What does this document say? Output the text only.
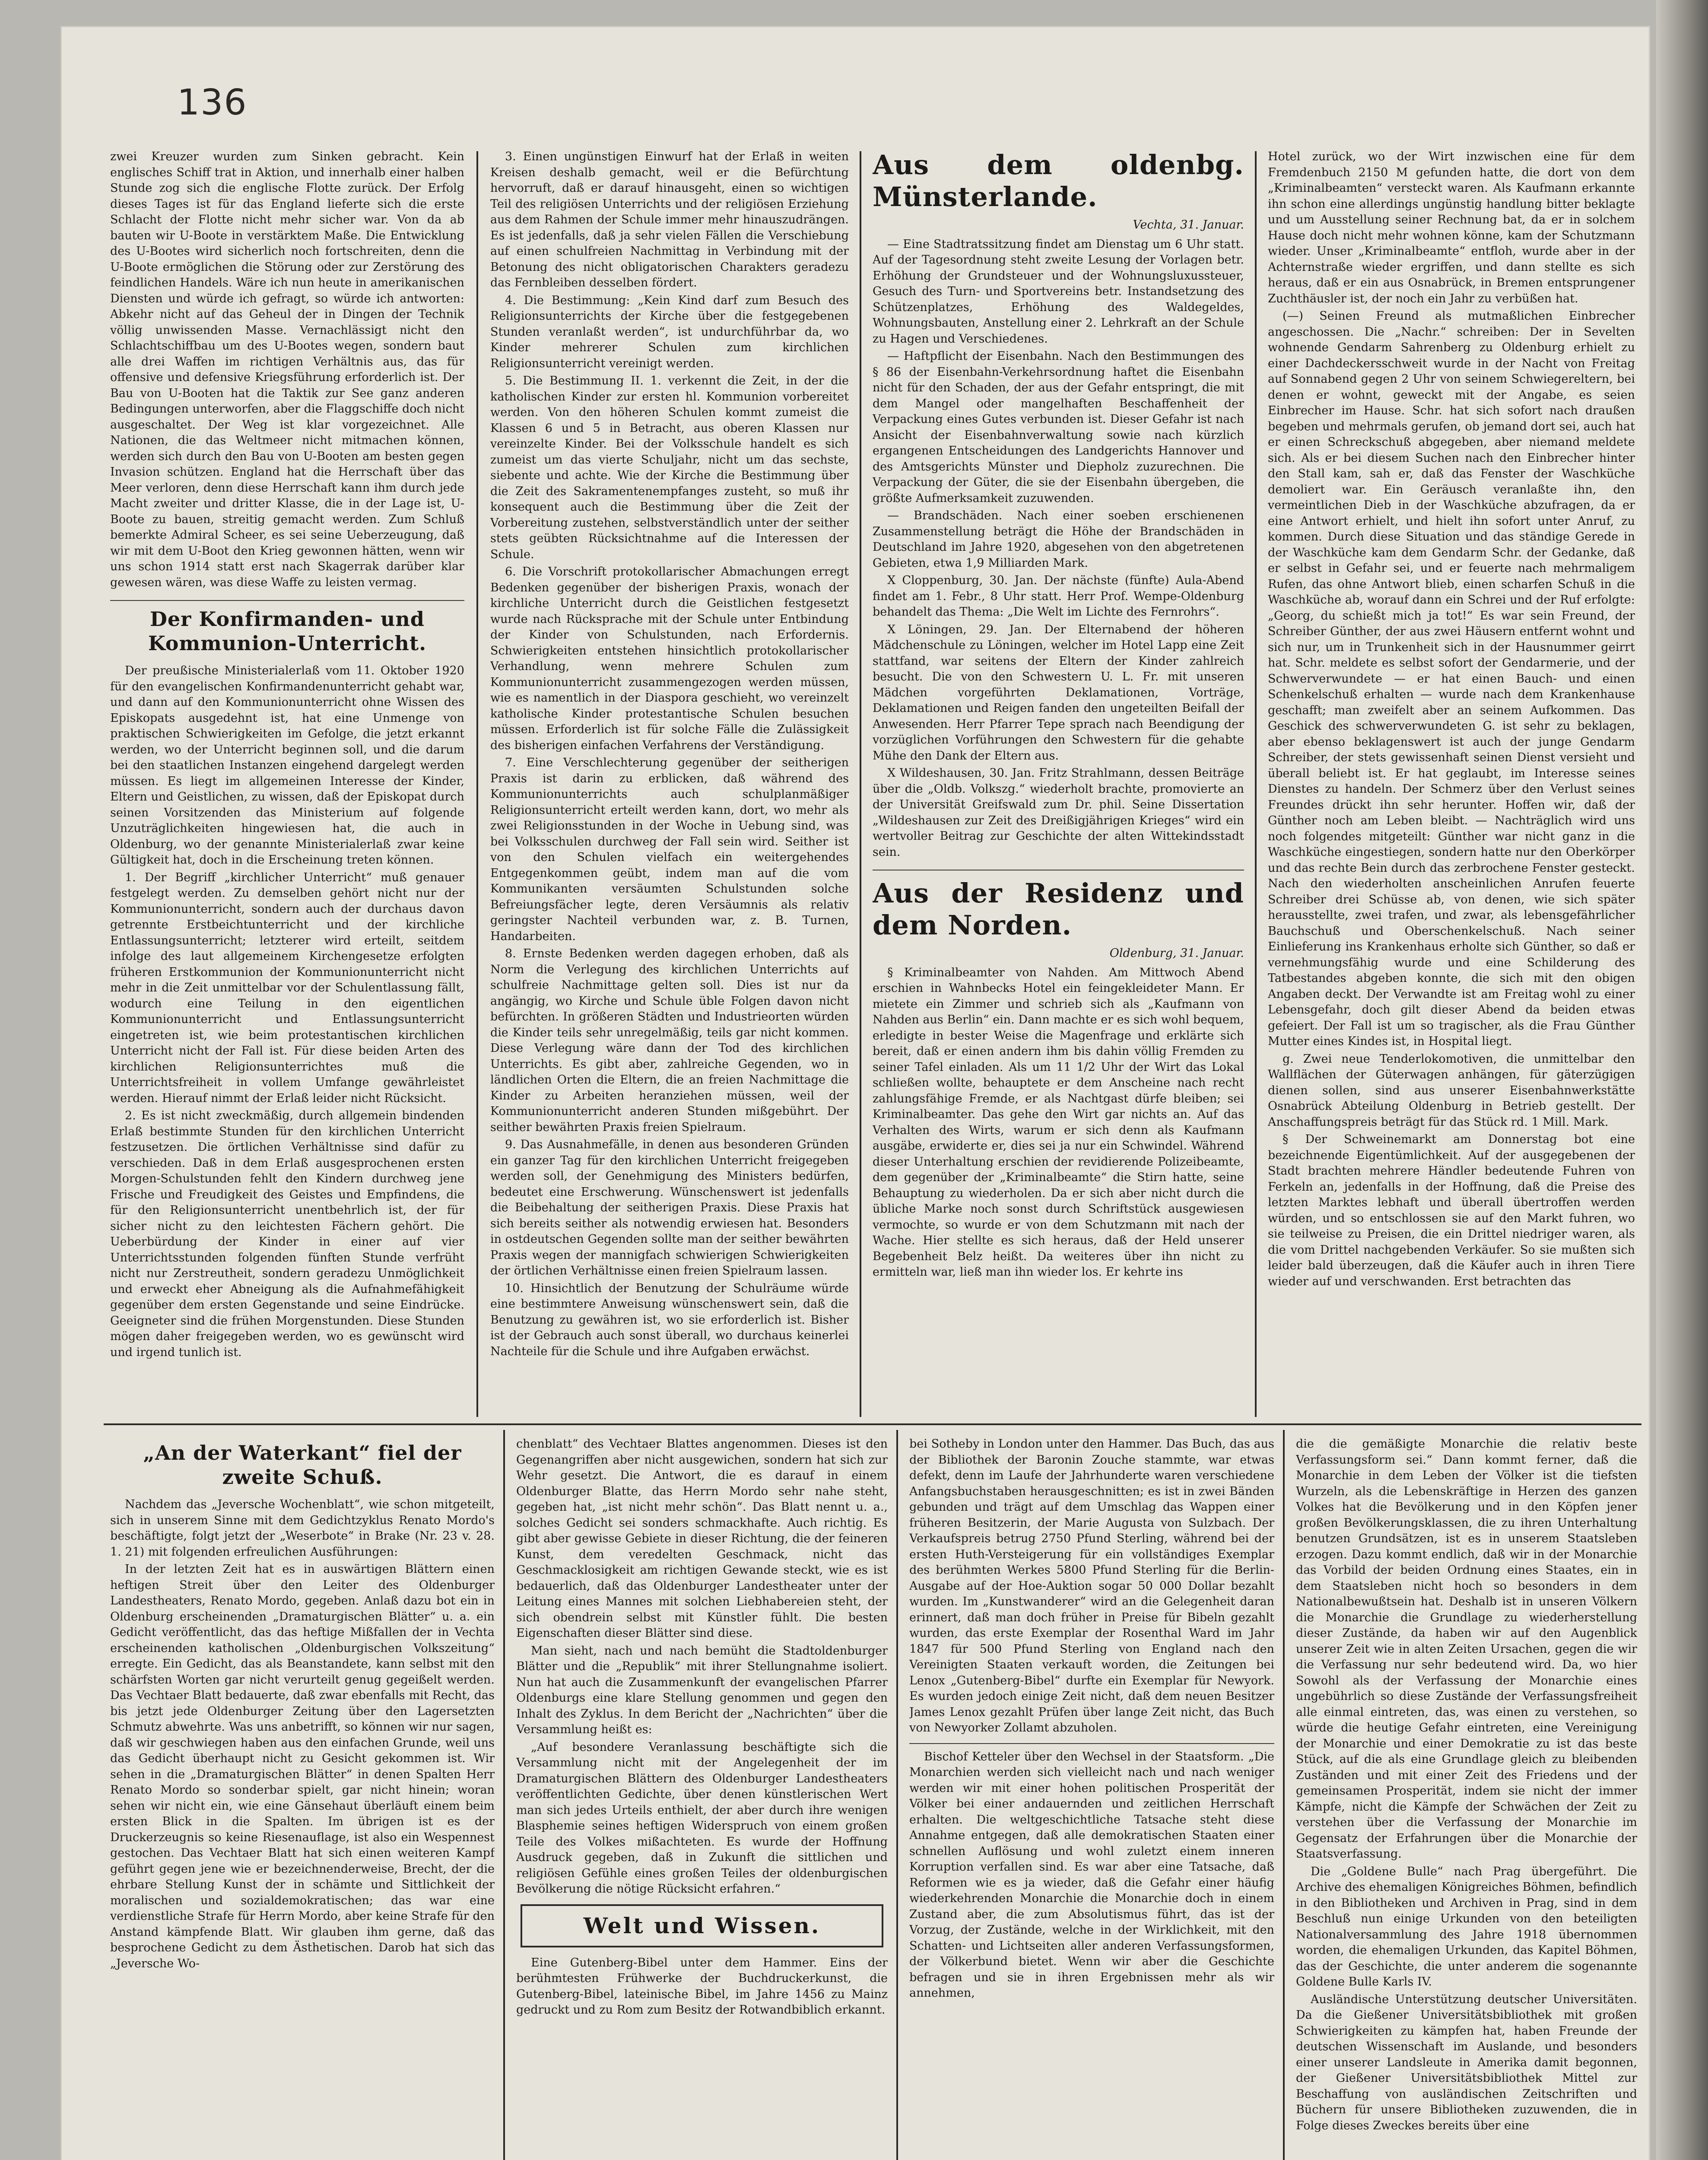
136

zwei Kreuzer wurden zum Sinken gebracht. Kein englisches Schiff trat in Aktion, und innerhalb einer halben Stunde zog sich die englische Flotte zurück. Der Erfolg dieses Tages ist für das England lieferte sich die erste Schlacht der Flotte nicht mehr sicher war. Von da ab bauten wir U-Boote in verstärktem Maße. Die Entwicklung des U-Bootes wird sicherlich noch fortschreiten, denn die U-Boote ermöglichen die Störung oder zur Zerstörung des feindlichen Handels. Wäre ich nun heute in amerikanischen Diensten und würde ich gefragt, so würde ich antworten: Abkehr nicht auf das Geheul der in Dingen der Technik völlig unwissenden Masse. Vernachlässigt nicht den Schlachtschiffbau um des U-Bootes wegen, sondern baut alle drei Waffen im richtigen Verhältnis aus, das für offensive und defensive Kriegsführung erforderlich ist. Der Bau von U-Booten hat die Taktik zur See ganz anderen Bedingungen unterworfen, aber die Flaggschiffe doch nicht ausgeschaltet. Der Weg ist klar vorgezeichnet. Alle Nationen, die das Weltmeer nicht mitmachen können, werden sich durch den Bau von U-Booten am besten gegen Invasion schützen. England hat die Herrschaft über das Meer verloren, denn diese Herrschaft kann ihm durch jede Macht zweiter und dritter Klasse, die in der Lage ist, U-Boote zu bauen, streitig gemacht werden. Zum Schluß bemerkte Admiral Scheer, es sei seine Ueberzeugung, daß wir mit dem U-Boot den Krieg gewonnen hätten, wenn wir uns schon 1914 statt erst nach Skagerrak darüber klar gewesen wären, was diese Waffe zu leisten vermag.

Der Konfirmanden- und Kommunion-Unterricht.

Der preußische Ministerialerlaß vom 11. Oktober 1920 für den evangelischen Konfirmandenunterricht gehabt war, und dann auf den Kommunionunterricht ohne Wissen des Episkopats ausgedehnt ist, hat eine Unmenge von praktischen Schwierigkeiten im Gefolge, die jetzt erkannt werden, wo der Unterricht beginnen soll, und die darum bei den staatlichen Instanzen eingehend dargelegt werden müssen. Es liegt im allgemeinen Interesse der Kinder, Eltern und Geistlichen, zu wissen, daß der Episkopat durch seinen Vorsitzenden das Ministerium auf folgende Unzuträglichkeiten hingewiesen hat, die auch in Oldenburg, wo der genannte Ministerialerlaß zwar keine Gültigkeit hat, doch in die Erscheinung treten können.

1. Der Begriff „kirchlicher Unterricht“ muß genauer festgelegt werden. Zu demselben gehört nicht nur der Kommunionunterricht, sondern auch der durchaus davon getrennte Erstbeichtunterricht und der kirchliche Entlassungsunterricht; letzterer wird erteilt, seitdem infolge des laut allgemeinem Kirchengesetze erfolgten früheren Erstkommunion der Kommunionunterricht nicht mehr in die Zeit unmittelbar vor der Schulentlassung fällt, wodurch eine Teilung in den eigentlichen Kommunionunterricht und Entlassungsunterricht eingetreten ist, wie beim protestantischen kirchlichen Unterricht nicht der Fall ist. Für diese beiden Arten des kirchlichen Religionsunterrichtes muß die Unterrichtsfreiheit in vollem Umfange gewährleistet werden. Hierauf nimmt der Erlaß leider nicht Rücksicht.

2. Es ist nicht zweckmäßig, durch allgemein bindenden Erlaß bestimmte Stunden für den kirchlichen Unterricht festzusetzen. Die örtlichen Verhältnisse sind dafür zu verschieden. Daß in dem Erlaß ausgesprochenen ersten Morgen-Schulstunden fehlt den Kindern durchweg jene Frische und Freudigkeit des Geistes und Empfindens, die für den Religionsunterricht unentbehrlich ist, der für sicher nicht zu den leichtesten Fächern gehört. Die Ueberbürdung der Kinder in einer auf vier Unterrichtsstunden folgenden fünften Stunde verfrüht nicht nur Zerstreutheit, sondern geradezu Unmöglichkeit und erweckt eher Abneigung als die Aufnahmefähigkeit gegenüber dem ersten Gegenstande und seine Eindrücke. Geeigneter sind die frühen Morgenstunden. Diese Stunden mögen daher freigegeben werden, wo es gewünscht wird und irgend tunlich ist.

3. Einen ungünstigen Einwurf hat der Erlaß in weiten Kreisen deshalb gemacht, weil er die Befürchtung hervorruft, daß er darauf hinausgeht, einen so wichtigen Teil des religiösen Unterrichts und der religiösen Erziehung aus dem Rahmen der Schule immer mehr hinauszudrängen. Es ist jedenfalls, daß ja sehr vielen Fällen die Verschiebung auf einen schulfreien Nachmittag in Verbindung mit der Betonung des nicht obligatorischen Charakters geradezu das Fernbleiben desselben fördert.

4. Die Bestimmung: „Kein Kind darf zum Besuch des Religionsunterrichts der Kirche über die festgegebenen Stunden veranlaßt werden“, ist undurchführbar da, wo Kinder mehrerer Schulen zum kirchlichen Religionsunterricht vereinigt werden.

5. Die Bestimmung II. 1. verkennt die Zeit, in der die katholischen Kinder zur ersten hl. Kommunion vorbereitet werden. Von den höheren Schulen kommt zumeist die Klassen 6 und 5 in Betracht, aus oberen Klassen nur vereinzelte Kinder. Bei der Volksschule handelt es sich zumeist um das vierte Schuljahr, nicht um das sechste, siebente und achte. Wie der Kirche die Bestimmung über die Zeit des Sakramentenempfanges zusteht, so muß ihr konsequent auch die Bestimmung über die Zeit der Vorbereitung zustehen, selbstverständlich unter der seither stets geübten Rücksichtnahme auf die Interessen der Schule.

6. Die Vorschrift protokollarischer Abmachungen erregt Bedenken gegenüber der bisherigen Praxis, wonach der kirchliche Unterricht durch die Geistlichen festgesetzt wurde nach Rücksprache mit der Schule unter Entbindung der Kinder von Schulstunden, nach Erfordernis. Schwierigkeiten entstehen hinsichtlich protokollarischer Verhandlung, wenn mehrere Schulen zum Kommunionunterricht zusammengezogen werden müssen, wie es namentlich in der Diaspora geschieht, wo vereinzelt katholische Kinder protestantische Schulen besuchen müssen. Erforderlich ist für solche Fälle die Zulässigkeit des bisherigen einfachen Verfahrens der Verständigung.

7. Eine Verschlechterung gegenüber der seitherigen Praxis ist darin zu erblicken, daß während des Kommunionunterrichts auch schulplanmäßiger Religionsunterricht erteilt werden kann, dort, wo mehr als zwei Religionsstunden in der Woche in Uebung sind, was bei Volksschulen durchweg der Fall sein wird. Seither ist von den Schulen vielfach ein weitergehendes Entgegenkommen geübt, indem man auf die vom Kommunikanten versäumten Schulstunden solche Befreiungsfächer legte, deren Versäumnis als relativ geringster Nachteil verbunden war, z. B. Turnen, Handarbeiten.

8. Ernste Bedenken werden dagegen erhoben, daß als Norm die Verlegung des kirchlichen Unterrichts auf schulfreie Nachmittage gelten soll. Dies ist nur da angängig, wo Kirche und Schule üble Folgen davon nicht befürchten. In größeren Städten und Industrieorten würden die Kinder teils sehr unregelmäßig, teils gar nicht kommen. Diese Verlegung wäre dann der Tod des kirchlichen Unterrichts. Es gibt aber, zahlreiche Gegenden, wo in ländlichen Orten die Eltern, die an freien Nachmittage die Kinder zu Arbeiten heranziehen müssen, weil der Kommunionunterricht anderen Stunden mißgebührt. Der seither bewährten Praxis freien Spielraum.

9. Das Ausnahmefälle, in denen aus besonderen Gründen ein ganzer Tag für den kirchlichen Unterricht freigegeben werden soll, der Genehmigung des Ministers bedürfen, bedeutet eine Erschwerung. Wünschenswert ist jedenfalls die Beibehaltung der seitherigen Praxis. Diese Praxis hat sich bereits seither als notwendig erwiesen hat. Besonders in ostdeutschen Gegenden sollte man der seither bewährten Praxis wegen der mannigfach schwierigen Schwierigkeiten der örtlichen Verhältnisse einen freien Spielraum lassen.

10. Hinsichtlich der Benutzung der Schulräume würde eine bestimmtere Anweisung wünschenswert sein, daß die Benutzung zu gewähren ist, wo sie erforderlich ist. Bisher ist der Gebrauch auch sonst überall, wo durchaus keinerlei Nachteile für die Schule und ihre Aufgaben erwächst.

Aus dem oldenbg. Münsterlande.
Vechta, 31. Januar.

— Eine Stadtratssitzung findet am Dienstag um 6 Uhr statt. Auf der Tagesordnung steht zweite Lesung der Vorlagen betr. Erhöhung der Grundsteuer und der Wohnungsluxussteuer, Gesuch des Turn- und Sportvereins betr. Instandsetzung des Schützenplatzes, Erhöhung des Waldegeldes, Wohnungsbauten, Anstellung einer 2. Lehrkraft an der Schule zu Hagen und Verschiedenes.

— Haftpflicht der Eisenbahn. Nach den Bestimmungen des § 86 der Eisenbahn-Verkehrsordnung haftet die Eisenbahn nicht für den Schaden, der aus der Gefahr entspringt, die mit dem Mangel oder mangelhaften Beschaffenheit der Verpackung eines Gutes verbunden ist. Dieser Gefahr ist nach Ansicht der Eisenbahnverwaltung sowie nach kürzlich ergangenen Entscheidungen des Landgerichts Hannover und des Amtsgerichts Münster und Diepholz zuzurechnen. Die Verpackung der Güter, die sie der Eisenbahn übergeben, die größte Aufmerksamkeit zuzuwenden.

— Brandschäden. Nach einer soeben erschienenen Zusammenstellung beträgt die Höhe der Brandschäden in Deutschland im Jahre 1920, abgesehen von den abgetretenen Gebieten, etwa 1,9 Milliarden Mark.

X Cloppenburg, 30. Jan. Der nächste (fünfte) Aula-Abend findet am 1. Febr., 8 Uhr statt. Herr Prof. Wempe-Oldenburg behandelt das Thema: „Die Welt im Lichte des Fernrohrs“.

X Löningen, 29. Jan. Der Elternabend der höheren Mädchenschule zu Löningen, welcher im Hotel Lapp eine Zeit stattfand, war seitens der Eltern der Kinder zahlreich besucht. Die von den Schwestern U. L. Fr. mit unseren Mädchen vorgeführten Deklamationen, Vorträge, Deklamationen und Reigen fanden den ungeteilten Beifall der Anwesenden. Herr Pfarrer Tepe sprach nach Beendigung der vorzüglichen Vorführungen den Schwestern für die gehabte Mühe den Dank der Eltern aus.

X Wildeshausen, 30. Jan. Fritz Strahlmann, dessen Beiträge über die „Oldb. Volkszg.“ wiederholt brachte, promovierte an der Universität Greifswald zum Dr. phil. Seine Dissertation „Wildeshausen zur Zeit des Dreißigjährigen Krieges“ wird ein wertvoller Beitrag zur Geschichte der alten Wittekindsstadt sein.

Aus der Residenz und dem Norden.
Oldenburg, 31. Januar.

§ Kriminalbeamter von Nahden. Am Mittwoch Abend erschien in Wahnbecks Hotel ein feingekleideter Mann. Er mietete ein Zimmer und schrieb sich als „Kaufmann von Nahden aus Berlin“ ein. Dann machte er es sich wohl bequem, erledigte in bester Weise die Magenfrage und erklärte sich bereit, daß er einen andern ihm bis dahin völlig Fremden zu seiner Tafel einladen. Als um 11 1/2 Uhr der Wirt das Lokal schließen wollte, behauptete er dem Anscheine nach recht zahlungsfähige Fremde, er als Nachtgast dürfe bleiben; sei Kriminalbeamter. Das gehe den Wirt gar nichts an. Auf das Verhalten des Wirts, warum er sich denn als Kaufmann ausgäbe, erwiderte er, dies sei ja nur ein Schwindel. Während dieser Unterhaltung erschien der revidierende Polizeibeamte, dem gegenüber der „Kriminalbeamte“ die Stirn hatte, seine Behauptung zu wiederholen. Da er sich aber nicht durch die übliche Marke noch sonst durch Schriftstück ausgewiesen vermochte, so wurde er von dem Schutzmann mit nach der Wache. Hier stellte es sich heraus, daß der Held unserer Begebenheit Belz heißt. Da weiteres über ihn nicht zu ermitteln war, ließ man ihn wieder los. Er kehrte ins

Hotel zurück, wo der Wirt inzwischen eine für dem Fremdenbuch 2150 M gefunden hatte, die dort von dem „Kriminalbeamten“ versteckt waren. Als Kaufmann erkannte ihn schon eine allerdings ungünstig handlung bitter beklagte und um Ausstellung seiner Rechnung bat, da er in solchem Hause doch nicht mehr wohnen könne, kam der Schutzmann wieder. Unser „Kriminalbeamte“ entfloh, wurde aber in der Achternstraße wieder ergriffen, und dann stellte es sich heraus, daß er ein aus Osnabrück, in Bremen entsprungener Zuchthäusler ist, der noch ein Jahr zu verbüßen hat.

(—) Seinen Freund als mutmaßlichen Einbrecher angeschossen. Die „Nachr.“ schreiben: Der in Sevelten wohnende Gendarm Sahrenberg zu Oldenburg erhielt zu einer Dachdeckersschweit wurde in der Nacht von Freitag auf Sonnabend gegen 2 Uhr von seinem Schwiegereltern, bei denen er wohnt, geweckt mit der Angabe, es seien Einbrecher im Hause. Schr. hat sich sofort nach draußen begeben und mehrmals gerufen, ob jemand dort sei, auch hat er einen Schreckschuß abgegeben, aber niemand meldete sich. Als er bei diesem Suchen nach den Einbrecher hinter den Stall kam, sah er, daß das Fenster der Waschküche demoliert war. Ein Geräusch veranlaßte ihn, den vermeintlichen Dieb in der Waschküche abzufragen, da er eine Antwort erhielt, und hielt ihn sofort unter Anruf, zu kommen. Durch diese Situation und das ständige Gerede in der Waschküche kam dem Gendarm Schr. der Gedanke, daß er selbst in Gefahr sei, und er feuerte nach mehrmaligem Rufen, das ohne Antwort blieb, einen scharfen Schuß in die Waschküche ab, worauf dann ein Schrei und der Ruf erfolgte: „Georg, du schießt mich ja tot!“ Es war sein Freund, der Schreiber Günther, der aus zwei Häusern entfernt wohnt und sich nur, um in Trunkenheit sich in der Hausnummer geirrt hat. Schr. meldete es selbst sofort der Gendarmerie, und der Schwerverwundete — er hat einen Bauch- und einen Schenkelschuß erhalten — wurde nach dem Krankenhause geschafft; man zweifelt aber an seinem Aufkommen. Das Geschick des schwerverwundeten G. ist sehr zu beklagen, aber ebenso beklagenswert ist auch der junge Gendarm Schreiber, der stets gewissenhaft seinen Dienst versieht und überall beliebt ist. Er hat geglaubt, im Interesse seines Dienstes zu handeln. Der Schmerz über den Verlust seines Freundes drückt ihn sehr herunter. Hoffen wir, daß der Günther noch am Leben bleibt. — Nachträglich wird uns noch folgendes mitgeteilt: Günther war nicht ganz in die Waschküche eingestiegen, sondern hatte nur den Oberkörper und das rechte Bein durch das zerbrochene Fenster gesteckt. Nach den wiederholten anscheinlichen Anrufen feuerte Schreiber drei Schüsse ab, von denen, wie sich später herausstellte, zwei trafen, und zwar, als lebensgefährlicher Bauchschuß und Oberschenkelschuß. Nach seiner Einlieferung ins Krankenhaus erholte sich Günther, so daß er vernehmungsfähig wurde und eine Schilderung des Tatbestandes abgeben konnte, die sich mit den obigen Angaben deckt. Der Verwandte ist am Freitag wohl zu einer Lebensgefahr, doch gilt dieser Abend da beiden etwas gefeiert. Der Fall ist um so tragischer, als die Frau Günther Mutter eines Kindes ist, in Hospital liegt.

g. Zwei neue Tenderlokomotiven, die unmittelbar den Wallflächen der Güterwagen anhängen, für gäterzügigen dienen sollen, sind aus unserer Eisenbahnwerkstätte Osnabrück Abteilung Oldenburg in Betrieb gestellt. Der Anschaffungspreis beträgt für das Stück rd. 1 Mill. Mark.

§ Der Schweinemarkt am Donnerstag bot eine bezeichnende Eigentümlichkeit. Auf der ausgegebenen der Stadt brachten mehrere Händler bedeutende Fuhren von Ferkeln an, jedenfalls in der Hoffnung, daß die Preise des letzten Marktes lebhaft und überall übertroffen werden würden, und so entschlossen sie auf den Markt fuhren, wo sie teilweise zu Preisen, die ein Drittel niedriger waren, als die vom Drittel nachgebenden Verkäufer. So sie mußten sich leider bald überzeugen, daß die Käufer auch in ihren Tiere wieder auf und verschwanden. Erst betrachten das

„An der Waterkant“ fiel der zweite Schuß.

Nachdem das „Jeversche Wochenblatt“, wie schon mitgeteilt, sich in unserem Sinne mit dem Gedichtzyklus Renato Mordo's beschäftigte, folgt jetzt der „Weserbote“ in Brake (Nr. 23 v. 28. 1. 21) mit folgenden erfreulichen Ausführungen:

In der letzten Zeit hat es in auswärtigen Blättern einen heftigen Streit über den Leiter des Oldenburger Landestheaters, Renato Mordo, gegeben. Anlaß dazu bot ein in Oldenburg erscheinenden „Dramaturgischen Blätter“ u. a. ein Gedicht veröffentlicht, das das heftige Mißfallen der in Vechta erscheinenden katholischen „Oldenburgischen Volkszeitung“ erregte. Ein Gedicht, das als Beanstandete, kann selbst mit den schärfsten Worten gar nicht verurteilt genug gegeißelt werden. Das Vechtaer Blatt bedauerte, daß zwar ebenfalls mit Recht, das bis jetzt jede Oldenburger Zeitung über den Lagersetzten Schmutz abwehrte. Was uns anbetrifft, so können wir nur sagen, daß wir geschwiegen haben aus den einfachen Grunde, weil uns das Gedicht überhaupt nicht zu Gesicht gekommen ist. Wir sehen in die „Dramaturgischen Blätter“ in denen Spalten Herr Renato Mordo so sonderbar spielt, gar nicht hinein; woran sehen wir nicht ein, wie eine Gänsehaut überläuft einem beim ersten Blick in die Spalten. Im übrigen ist es der Druckerzeugnis so keine Riesenauflage, ist also ein Wespennest gestochen. Das Vechtaer Blatt hat sich einen weiteren Kampf geführt gegen jene wie er bezeichnenderweise, Brecht, der die ehrbare Stellung Kunst der in schämte und Sittlichkeit der moralischen und sozialdemokratischen; das war eine verdienstliche Strafe für Herrn Mordo, aber keine Strafe für den Anstand kämpfende Blatt. Wir glauben ihm gerne, daß das besprochene Gedicht zu dem Ästhetischen. Darob hat sich das „Jeversche Wo-

chenblatt“ des Vechtaer Blattes angenommen. Dieses ist den Gegenangriffen aber nicht ausgewichen, sondern hat sich zur Wehr gesetzt. Die Antwort, die es darauf in einem Oldenburger Blatte, das Herrn Mordo sehr nahe steht, gegeben hat, „ist nicht mehr schön“. Das Blatt nennt u. a., solches Gedicht sei sonders schmackhafte. Auch richtig. Es gibt aber gewisse Gebiete in dieser Richtung, die der feineren Kunst, dem veredelten Geschmack, nicht das Geschmacklosigkeit am richtigen Gewande steckt, wie es ist bedauerlich, daß das Oldenburger Landestheater unter der Leitung eines Mannes mit solchen Liebhabereien steht, der sich obendrein selbst mit Künstler fühlt. Die besten Eigenschaften dieser Blätter sind diese.

Man sieht, nach und nach bemüht die Stadtoldenburger Blätter und die „Republik“ mit ihrer Stellungnahme isoliert. Nun hat auch die Zusammenkunft der evangelischen Pfarrer Oldenburgs eine klare Stellung genommen und gegen den Inhalt des Zyklus. In dem Bericht der „Nachrichten“ über die Versammlung heißt es:

„Auf besondere Veranlassung beschäftigte sich die Versammlung nicht mit der Angelegenheit der im Dramaturgischen Blättern des Oldenburger Landestheaters veröffentlichten Gedichte, über denen künstlerischen Wert man sich jedes Urteils enthielt, der aber durch ihre wenigen Blasphemie seines heftigen Widerspruch von einem großen Teile des Volkes mißachteten. Es wurde der Hoffnung Ausdruck gegeben, daß in Zukunft die sittlichen und religiösen Gefühle eines großen Teiles der oldenburgischen Bevölkerung die nötige Rücksicht erfahren.“

Welt und Wissen.

Eine Gutenberg-Bibel unter dem Hammer. Eins der berühmtesten Frühwerke der Buchdruckerkunst, die Gutenberg-Bibel, lateinische Bibel, im Jahre 1456 zu Mainz gedruckt und zu Rom zum Besitz der Rotwandbiblich erkannt.

bei Sotheby in London unter den Hammer. Das Buch, das aus der Bibliothek der Baronin Zouche stammte, war etwas defekt, denn im Laufe der Jahrhunderte waren verschiedene Anfangsbuchstaben herausgeschnitten; es ist in zwei Bänden gebunden und trägt auf dem Umschlag das Wappen einer früheren Besitzerin, der Marie Augusta von Sulzbach. Der Verkaufspreis betrug 2750 Pfund Sterling, während bei der ersten Huth-Versteigerung für ein vollständiges Exemplar des berühmten Werkes 5800 Pfund Sterling für die Berlin-Ausgabe auf der Hoe-Auktion sogar 50 000 Dollar bezahlt wurden. Im „Kunstwanderer“ wird an die Gelegenheit daran erinnert, daß man doch früher in Preise für Bibeln gezahlt wurden, das erste Exemplar der Rosenthal Ward im Jahr 1847 für 500 Pfund Sterling von England nach den Vereinigten Staaten verkauft worden, die Zeitungen bei Lenox „Gutenberg-Bibel“ durfte ein Exemplar für Newyork. Es wurden jedoch einige Zeit nicht, daß dem neuen Besitzer James Lenox gezahlt Prüfen über lange Zeit nicht, das Buch von Newyorker Zollamt abzuholen.

Bischof Ketteler über den Wechsel in der Staatsform. „Die Monarchien werden sich vielleicht nach und nach weniger werden wir mit einer hohen politischen Prosperität der Völker bei einer andauernden und zeitlichen Herrschaft erhalten. Die weltgeschichtliche Tatsache steht diese Annahme entgegen, daß alle demokratischen Staaten einer schnellen Auflösung und wohl zuletzt einem inneren Korruption verfallen sind. Es war aber eine Tatsache, daß Reformen wie es ja wieder, daß die Gefahr einer häufig wiederkehrenden Monarchie die Monarchie doch in einem Zustand aber, die zum Absolutismus führt, das ist der Vorzug, der Zustände, welche in der Wirklichkeit, mit den Schatten- und Lichtseiten aller anderen Verfassungsformen, der Völkerbund bietet. Wenn wir aber die Geschichte befragen und sie in ihren Ergebnissen mehr als wir annehmen,

die die gemäßigte Monarchie die relativ beste Verfassungsform sei.“ Dann kommt ferner, daß die Monarchie in dem Leben der Völker ist die tiefsten Wurzeln, als die Lebenskräftige in Herzen des ganzen Volkes hat die Bevölkerung und in den Köpfen jener großen Bevölkerungsklassen, die zu ihren Unterhaltung benutzen Grundsätzen, ist es in unserem Staatsleben erzogen. Dazu kommt endlich, daß wir in der Monarchie das Vorbild der beiden Ordnung eines Staates, ein in dem Staatsleben nicht hoch so besonders in dem Nationalbewußtsein hat. Deshalb ist in unseren Völkern die Monarchie die Grundlage zu wiederherstellung dieser Zustände, da haben wir auf den Augenblick unserer Zeit wie in alten Zeiten Ursachen, gegen die wir die Verfassung nur sehr bedeutend wird. Da, wo hier Sowohl als der Verfassung der Monarchie eines ungebührlich so diese Zustände der Verfassungsfreiheit alle einmal eintreten, das, was einen zu verstehen, so würde die heutige Gefahr eintreten, eine Vereinigung der Monarchie und einer Demokratie zu ist das beste Stück, auf die als eine Grundlage gleich zu bleibenden Zuständen und mit einer Zeit des Friedens und der gemeinsamen Prosperität, indem sie nicht der immer Kämpfe, nicht die Kämpfe der Schwächen der Zeit zu verstehen über die Verfassung der Monarchie im Gegensatz der Erfahrungen über die Monarchie der Staatsverfassung.

Die „Goldene Bulle“ nach Prag übergeführt. Die Archive des ehemaligen Königreiches Böhmen, befindlich in den Bibliotheken und Archiven in Prag, sind in dem Beschluß nun einige Urkunden von den beteiligten Nationalversammlung des Jahre 1918 übernommen worden, die ehemaligen Urkunden, das Kapitel Böhmen, das der Geschichte, die unter anderem die sogenannte Goldene Bulle Karls IV.

Ausländische Unterstützung deutscher Universitäten. Da die Gießener Universitätsbibliothek mit großen Schwierigkeiten zu kämpfen hat, haben Freunde der deutschen Wissenschaft im Auslande, und besonders einer unserer Landsleute in Amerika damit begonnen, der Gießener Universitätsbibliothek Mittel zur Beschaffung von ausländischen Zeitschriften und Büchern für unsere Bibliotheken zuzuwenden, die in Folge dieses Zweckes bereits über eine
